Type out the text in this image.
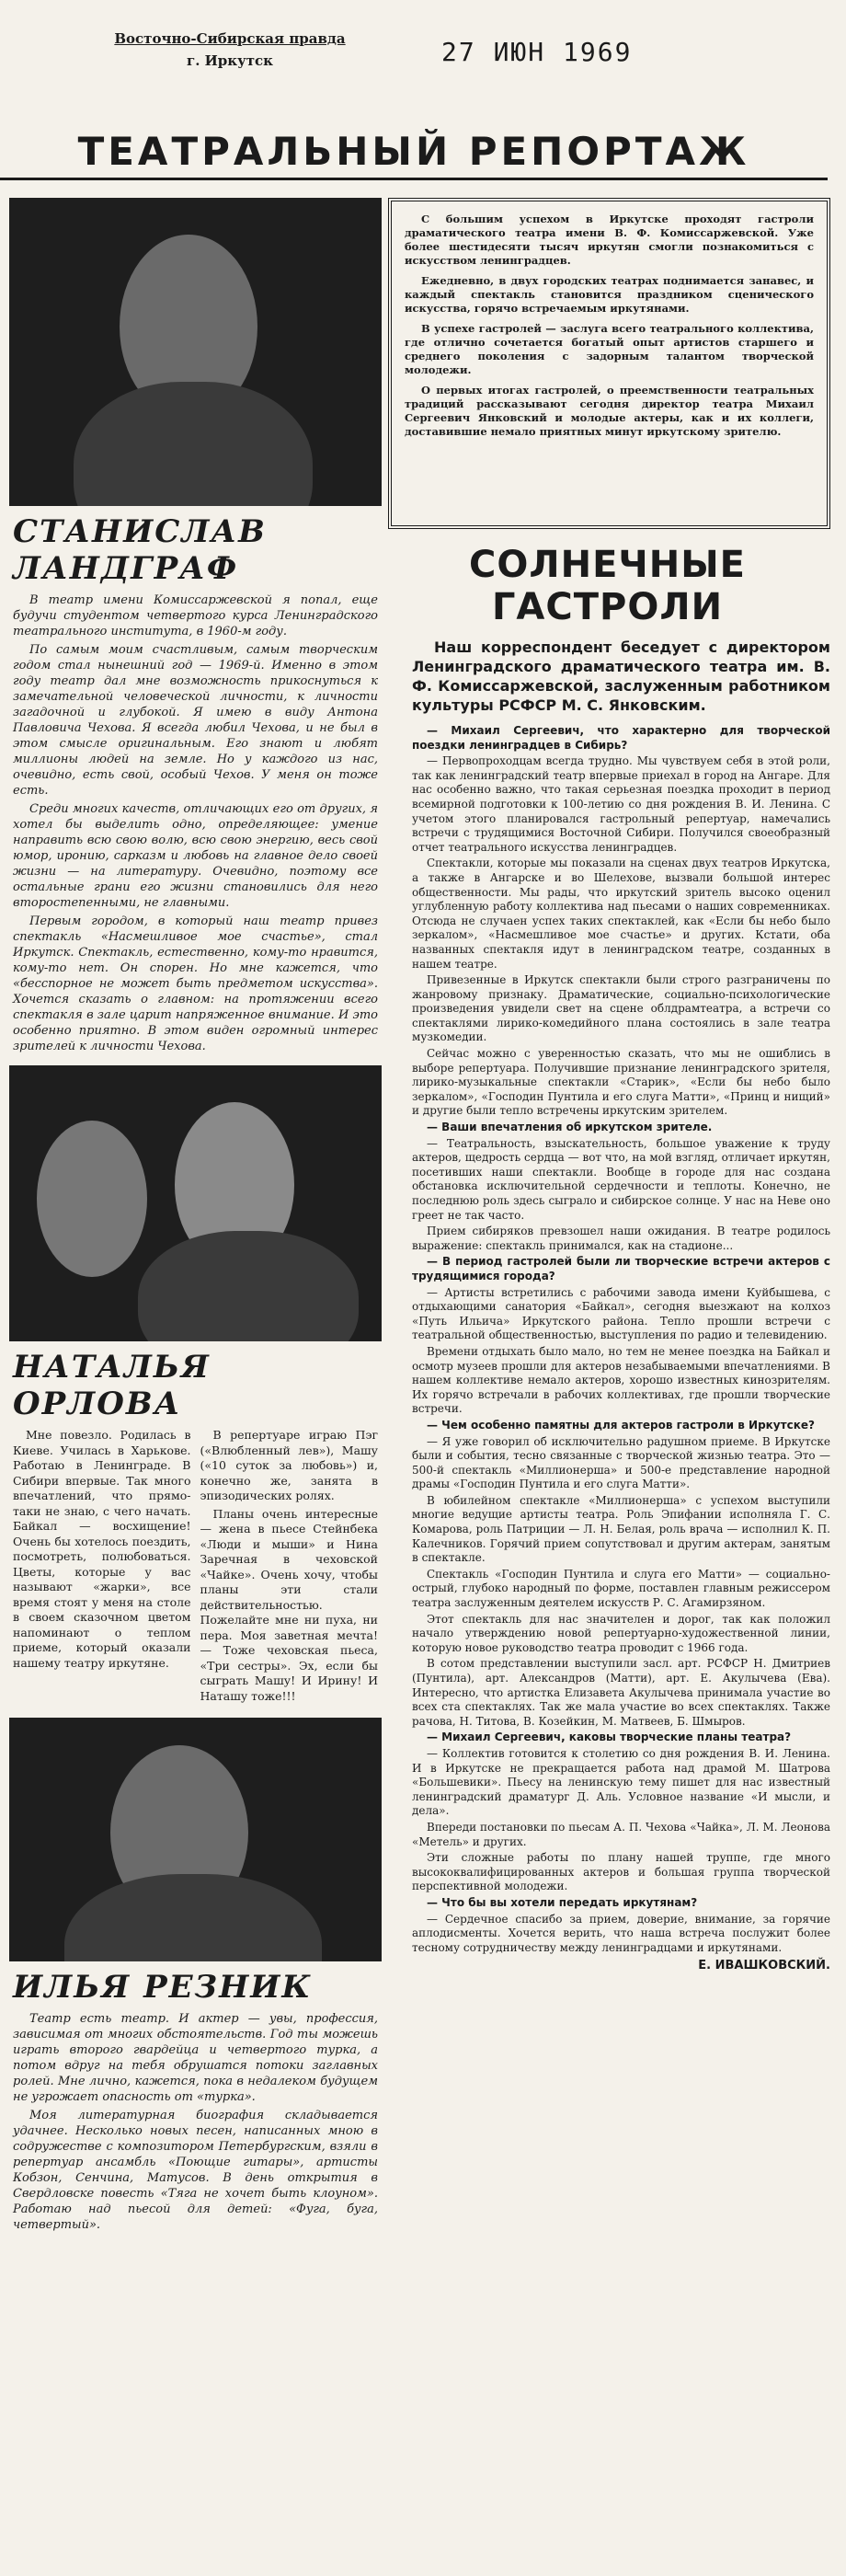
Восточно-Сибирская правда
г. Иркутск	27 ИЮН 1969
ТЕАТРАЛЬНЫЙ РЕПОРТАЖ
СТАНИСЛАВ ЛАНДГРАФ

В театр имени Комиссаржевской я попал, еще будучи студентом четвертого курса Ленинградского театрального института, в 1960-м году.

По самым моим счастливым, самым творческим годом стал нынешний год — 1969-й. Именно в этом году театр дал мне возможность прикоснуться к замечательной человеческой личности, к личности загадочной и глубокой. Я имею в виду Антона Павловича Чехова. Я всегда любил Чехова, и не был в этом смысле оригинальным. Его знают и любят миллионы людей на земле. Но у каждого из нас, очевидно, есть свой, особый Чехов. У меня он тоже есть.

Среди многих качеств, отличающих его от других, я хотел бы выделить одно, определяющее: умение направить всю свою волю, всю свою энергию, весь свой юмор, иронию, сарказм и любовь на главное дело своей жизни — на литературу. Очевидно, поэтому все остальные грани его жизни становились для него второстепенными, не главными.

Первым городом, в который наш театр привез спектакль «Насмешливое мое счастье», стал Иркутск. Спектакль, естественно, кому-то нравится, кому-то нет. Он спорен. Но мне кажется, что «бесспорное не может быть предметом искусства». Хочется сказать о главном: на протяжении всего спектакля в зале царит напряженное внимание. И это особенно приятно. В этом виден огромный интерес зрителей к личности Чехова.

НАТАЛЬЯ ОРЛОВА

Мне повезло. Родилась в Киеве. Училась в Харькове. Работаю в Ленинграде. В Сибири впервые. Так много впечатлений, что прямо-таки не знаю, с чего начать. Байкал — восхищение! Очень бы хотелось поездить, посмотреть, полюбоваться. Цветы, которые у вас называют «жарки», все время стоят у меня на столе в своем сказочном цветом напоминают о теплом приеме, который оказали нашему театру иркутяне.

В репертуаре играю Пэг («Влюбленный лев»), Машу («10 суток за любовь») и, конечно же, занята в эпизодических ролях.

Планы очень интересные — жена в пьесе Стейнбека «Люди и мыши» и Нина Заречная в чеховской «Чайке». Очень хочу, чтобы планы эти стали действительностью. Пожелайте мне ни пуха, ни пера. Моя заветная мечта! — Тоже чеховская пьеса, «Три сестры». Эх, если бы сыграть Машу! И Ирину! И Наташу тоже!!!

ИЛЬЯ РЕЗНИК

Театр есть театр. И актер — увы, профессия, зависимая от многих обстоятельств. Год ты можешь играть второго гвардейца и четвертого турка, а потом вдруг на тебя обрушатся потоки заглавных ролей. Мне лично, кажется, пока в недалеком будущем не угрожает опасность от «турка».

Моя литературная биография складывается удачнее. Несколько новых песен, написанных мною в содружестве с композитором Петербургским, взяли в репертуар ансамбль «Поющие гитары», артисты Кобзон, Сенчина, Матусов. В день открытия в Свердловске повесть «Тяга не хочет быть клоуном». Работаю над пьесой для детей: «Фуга, буга, четвертый».

С большим успехом в Иркутске проходят гастроли драматического театра имени В. Ф. Комиссаржевской. Уже более шестидесяти тысяч иркутян смогли познакомиться с искусством ленинградцев.

Ежедневно, в двух городских театрах поднимается занавес, и каждый спектакль становится праздником сценического искусства, горячо встречаемым иркутянами.

В успехе гастролей — заслуга всего театрального коллектива, где отлично сочетается богатый опыт артистов старшего и среднего поколения с задорным талантом творческой молодежи.

О первых итогах гастролей, о преемственности театральных традиций рассказывают сегодня директор театра Михаил Сергеевич Янковский и молодые актеры, как и их коллеги, доставившие немало приятных минут иркутскому зрителю.

СОЛНЕЧНЫЕ ГАСТРОЛИ
Наш корреспондент беседует с директором Ленинградского драматического театра им. В. Ф. Комиссаржевской, заслуженным работником культуры РСФСР М. С. Янковским.

— Михаил Сергеевич, что характерно для творческой поездки ленинградцев в Сибирь?

— Первопроходцам всегда трудно. Мы чувствуем себя в этой роли, так как ленинградский театр впервые приехал в город на Ангаре. Для нас особенно важно, что такая серьезная поездка проходит в период всемирной подготовки к 100-летию со дня рождения В. И. Ленина. С учетом этого планировался гастрольный репертуар, намечались встречи с трудящимися Восточной Сибири. Получился своеобразный отчет театрального искусства ленинградцев.

Спектакли, которые мы показали на сценах двух театров Иркутска, а также в Ангарске и во Шелехове, вызвали большой интерес общественности. Мы рады, что иркутский зритель высоко оценил углубленную работу коллектива над пьесами о наших современниках. Отсюда не случаен успех таких спектаклей, как «Если бы небо было зеркалом», «Насмешливое мое счастье» и других. Кстати, оба названных спектакля идут в ленинградском театре, созданных в нашем театре.

Привезенные в Иркутск спектакли были строго разграничены по жанровому признаку. Драматические, социально-психологические произведения увидели свет на сцене облдрамтеатра, а встречи со спектаклями лирико-комедийного плана состоялись в зале театра музкомедии.

Сейчас можно с уверенностью сказать, что мы не ошиблись в выборе репертуара. Получившие признание ленинградского зрителя, лирико-музыкальные спектакли «Старик», «Если бы небо было зеркалом», «Господин Пунтила и его слуга Матти», «Принц и нищий» и другие были тепло встречены иркутским зрителем.

— Ваши впечатления об иркутском зрителе.

— Театральность, взыскательность, большое уважение к труду актеров, щедрость сердца — вот что, на мой взгляд, отличает иркутян, посетивших наши спектакли. Вообще в городе для нас создана обстановка исключительной сердечности и теплоты. Конечно, не последнюю роль здесь сыграло и сибирское солнце. У нас на Неве оно греет не так часто.

Прием сибиряков превзошел наши ожидания. В театре родилось выражение: спектакль принимался, как на стадионе...

— В период гастролей были ли творческие встречи актеров с трудящимися города?

— Артисты встретились с рабочими завода имени Куйбышева, с отдыхающими санатория «Байкал», сегодня выезжают на колхоз «Путь Ильича» Иркутского района. Тепло прошли встречи с театральной общественностью, выступления по радио и телевидению.

Времени отдыхать было мало, но тем не менее поездка на Байкал и осмотр музеев прошли для актеров незабываемыми впечатлениями. В нашем коллективе немало актеров, хорошо известных кинозрителям. Их горячо встречали в рабочих коллективах, где прошли творческие встречи.

— Чем особенно памятны для актеров гастроли в Иркутске?

— Я уже говорил об исключительно радушном приеме. В Иркутске были и события, тесно связанные с творческой жизнью театра. Это — 500-й спектакль «Миллионерша» и 500-е представление народной драмы «Господин Пунтила и его слуга Матти».

В юбилейном спектакле «Миллионерша» с успехом выступили многие ведущие артисты театра. Роль Эпифании исполняла Г. С. Комарова, роль Патриции — Л. Н. Белая, роль врача — исполнил К. П. Калечников. Горячий прием сопутствовал и другим актерам, занятым в спектакле.

Спектакль «Господин Пунтила и слуга его Матти» — социально-острый, глубоко народный по форме, поставлен главным режиссером театра заслуженным деятелем искусств Р. С. Агамирзяном.

Этот спектакль для нас значителен и дорог, так как положил начало утверждению новой репертуарно-художественной линии, которую новое руководство театра проводит с 1966 года.

В сотом представлении выступили засл. арт. РСФСР Н. Дмитриев (Пунтила), арт. Александров (Матти), арт. Е. Акулычева (Ева). Интересно, что артистка Елизавета Акулычева принимала участие во всех ста спектаклях. Так же мала участие во всех спектаклях. Также рачова, Н. Титова, В. Козейкин, М. Матвеев, Б. Шмыров.

— Михаил Сергеевич, каковы творческие планы театра?

— Коллектив готовится к столетию со дня рождения В. И. Ленина. И в Иркутске не прекращается работа над драмой М. Шатрова «Большевики». Пьесу на ленинскую тему пишет для нас известный ленинградский драматург Д. Аль. Условное название «И мысли, и дела».

Впереди постановки по пьесам А. П. Чехова «Чайка», Л. М. Леонова «Метель» и других.

Эти сложные работы по плану нашей труппе, где много высококвалифицированных актеров и большая группа творческой перспективной молодежи.

— Что бы вы хотели передать иркутянам?

— Сердечное спасибо за прием, доверие, внимание, за горячие аплодисменты. Хочется верить, что наша встреча послужит более тесному сотрудничеству между ленинградцами и иркутянами.

Е. ИВАШКОВСКИЙ.
